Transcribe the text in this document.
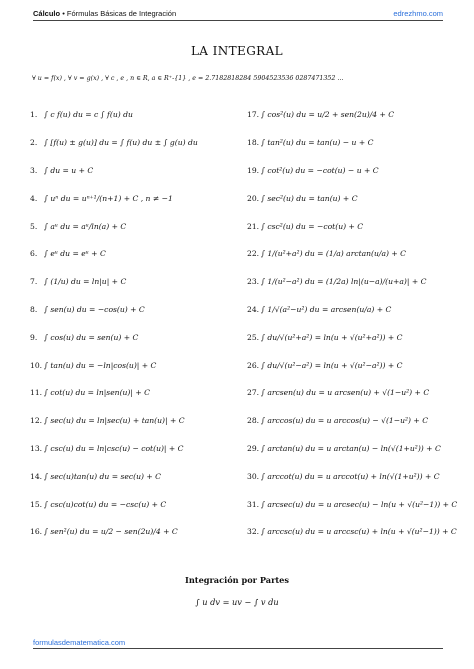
Cálculo • Fórmulas Básicas de Integración	edrezhmo.com
LA INTEGRAL
∀ u = f(x) , ∀ v = g(x) , ∀ c , e , n ∈ R, a ∈ R⁺-{1} , e = 2.7182818284 5904523536 0287471352 ...
1. ∫ c f(u) du = c ∫ f(u) du
2. ∫ [f(u) ± g(u)] du = ∫ f(u) du ± ∫ g(u) du
3. ∫ du = u + C
4. ∫ uⁿ du = uⁿ⁺¹/(n+1) + C , n ≠ −1
5. ∫ aᵘ du = aᵘ/ln(a) + C
6. ∫ eᵘ du = eᵘ + C
7. ∫ (1/u) du = ln|u| + C
8. ∫ sen(u) du = −cos(u) + C
9. ∫ cos(u) du = sen(u) + C
10. ∫ tan(u) du = −ln|cos(u)| + C
11. ∫ cot(u) du = ln|sen(u)| + C
12. ∫ sec(u) du = ln|sec(u) + tan(u)| + C
13. ∫ csc(u) du = ln|csc(u) − cot(u)| + C
14. ∫ sec(u)tan(u) du = sec(u) + C
15. ∫ csc(u)cot(u) du = −csc(u) + C
16. ∫ sen²(u) du = u/2 − sen(2u)/4 + C
17. ∫ cos²(u) du = u/2 + sen(2u)/4 + C
18. ∫ tan²(u) du = tan(u) − u + C
19. ∫ cot²(u) du = −cot(u) − u + C
20. ∫ sec²(u) du = tan(u) + C
21. ∫ csc²(u) du = −cot(u) + C
22. ∫ 1/(u²+a²) du = (1/a) arctan(u/a) + C
23. ∫ 1/(u²−a²) du = (1/2a) ln|(u−a)/(u+a)| + C
24. ∫ 1/√(a²−u²) du = arcsen(u/a) + C
25. ∫ du/√(u²+a²) = ln(u + √(u²+a²)) + C
26. ∫ du/√(u²−a²) = ln(u + √(u²−a²)) + C
27. ∫ arcsen(u) du = u arcsen(u) + √(1−u²) + C
28. ∫ arccos(u) du = u arccos(u) − √(1−u²) + C
29. ∫ arctan(u) du = u arctan(u) − ln(√(1+u²)) + C
30. ∫ arccot(u) du = u arccot(u) + ln(√(1+u²)) + C
31. ∫ arcsec(u) du = u arcsec(u) − ln(u + √(u²−1)) + C
32. ∫ arccsc(u) du = u arccsc(u) + ln(u + √(u²−1)) + C
Integración por Partes
∫ u dv = uv − ∫ v du
formulasdematematica.com
